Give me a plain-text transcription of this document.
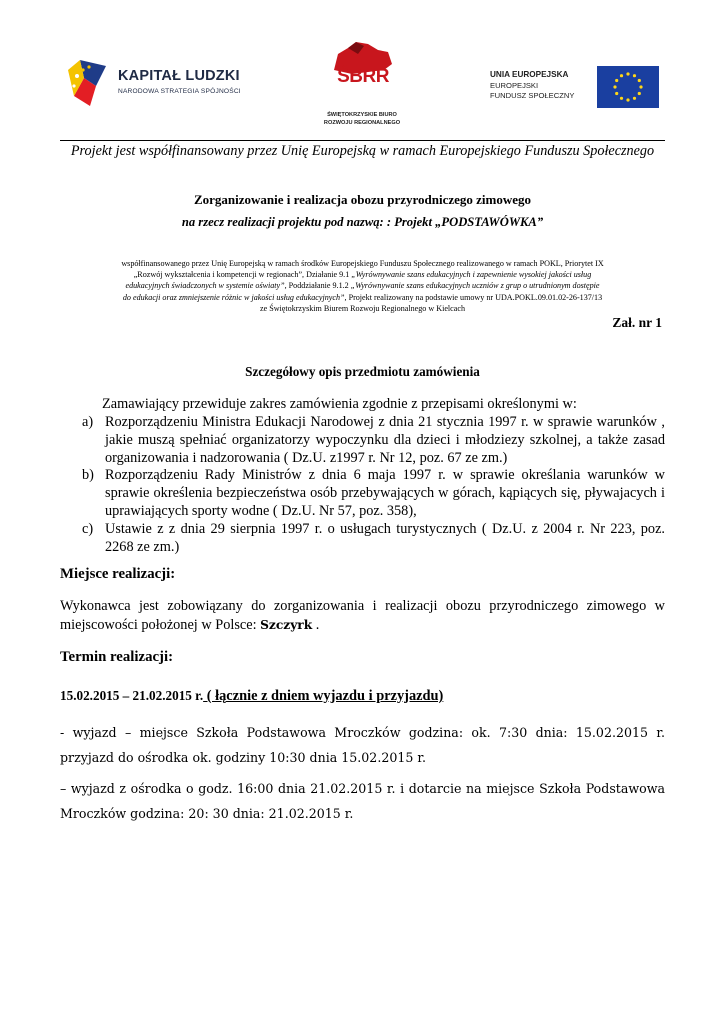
KAPITAŁ LUDZKI
NARODOWA STRATEGIA SPÓJNOŚCI
ŚBRR
ŚWIĘTOKRZYSKIE BIURO
ROZWOJU REGIONALNEGO
UNIA EUROPEJSKA
EUROPEJSKI
FUNDUSZ SPOŁECZNY
Projekt jest współfinansowany przez Unię Europejską w ramach Europejskiego Funduszu Społecznego
Zorganizowanie i realizacja obozu przyrodniczego zimowego
na rzecz realizacji projektu pod nazwą: : Projekt „PODSTAWÓWKA”
współfinansowanego przez Unię Europejską w ramach środków Europejskiego Funduszu Społecznego realizowanego w ramach POKL, Priorytet IX
„Rozwój wykształcenia i kompetencji w regionach”, Działanie 9.1 „Wyrównywanie szans edukacyjnych i zapewnienie wysokiej jakości usług
edukacyjnych świadczonych w systemie oświaty”, Poddziałanie 9.1.2 „Wyrównywanie szans edukacyjnych uczniów z grup o utrudnionym dostępie
do edukacji oraz zmniejszenie różnic w jakości usług edukacyjnych”, Projekt realizowany na podstawie umowy nr UDA.POKL.09.01.02-26-137/13
ze Świętokrzyskim Biurem Rozwoju Regionalnego w Kielcach
Zał. nr 1
Szczegółowy opis przedmiotu zamówienia
Zamawiający przewiduje zakres zamówienia zgodnie z przepisami określonymi w:
a) Rozporządzeniu Ministra Edukacji Narodowej z dnia 21 stycznia 1997 r. w sprawie warunków , jakie muszą spełniać organizatorzy wypoczynku dla dzieci i młodziezy szkolnej, a także zasad organizowania i nadzorowania ( Dz.U. z1997 r. Nr 12, poz. 67 ze zm.)
b) Rozporządzeniu Rady Ministrów z dnia 6 maja 1997 r. w sprawie określania warunków w sprawie określenia bezpieczeństwa osób przebywających w górach, kąpiących się, pływajacych i uprawiających sporty wodne ( Dz.U. Nr 57, poz. 358),
c) Ustawie z z dnia 29 sierpnia 1997 r. o usługach turystycznych ( Dz.U. z 2004 r. Nr 223, poz. 2268 ze zm.)
Miejsce realizacji:
Wykonawca jest zobowiązany do zorganizowania i realizacji obozu przyrodniczego zimowego w miejscowości położonej w Polsce: Szczyrk .
Termin realizacji:
15.02.2015 – 21.02.2015 r. ( łącznie z dniem wyjazdu i przyjazdu)
- wyjazd – miejsce Szkoła Podstawowa Mroczków godzina: ok. 7:30 dnia: 15.02.2015 r. przyjazd do ośrodka ok. godziny 10:30 dnia 15.02.2015 r.
– wyjazd z ośrodka o godz. 16:00 dnia 21.02.2015 r. i dotarcie na miejsce Szkoła Podstawowa Mroczków godzina: 20: 30 dnia: 21.02.2015 r.
